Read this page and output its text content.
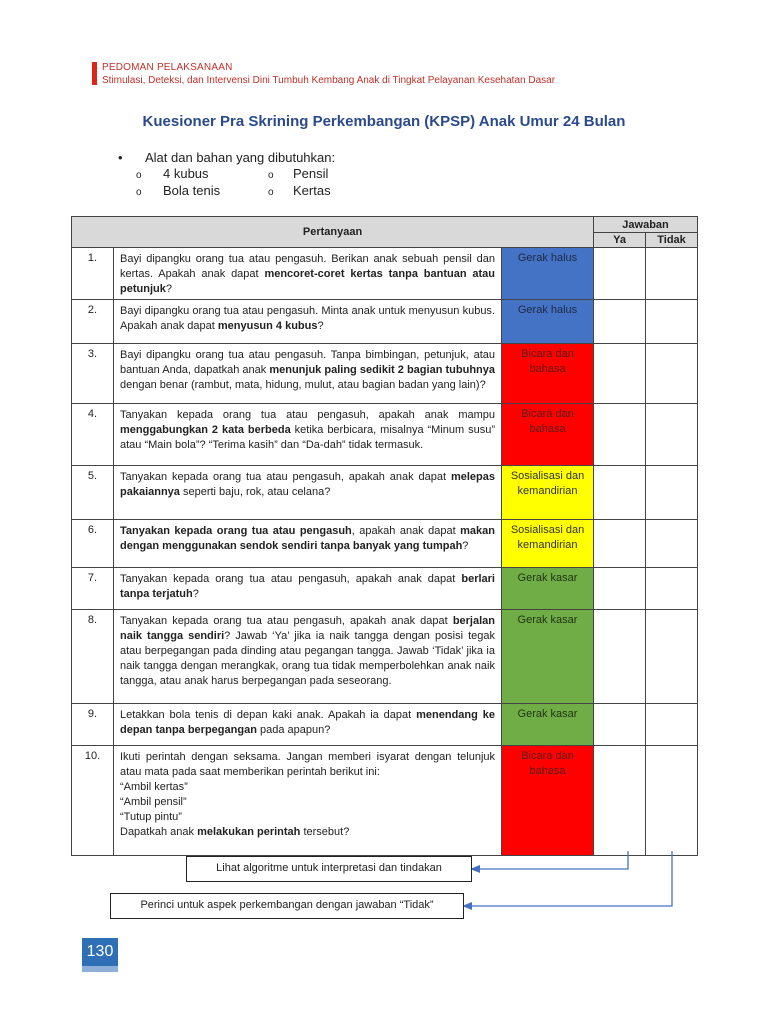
PEDOMAN PELAKSANAAN
Stimulasi, Deteksi, dan Intervensi Dini Tumbuh Kembang Anak di Tingkat Pelayanan Kesehatan Dasar
Kuesioner Pra Skrining Perkembangan (KPSP) Anak Umur 24 Bulan
• Alat dan bahan yang dibutuhkan:
o 4 kubus	o Pensil
o Bola tenis	o Kertas
Pertanyaan			Jawaban	
			Ya	Tidak
1.	Bayi dipangku orang tua atau pengasuh. Berikan anak sebuah pensil dan kertas. Apakah anak dapat mencoret-coret kertas tanpa bantuan atau petunjuk?	Gerak halus		
2.	Bayi dipangku orang tua atau pengasuh. Minta anak untuk menyusun kubus. Apakah anak dapat menyusun 4 kubus?	Gerak halus		
3.	Bayi dipangku orang tua atau pengasuh. Tanpa bimbingan, petunjuk, atau bantuan Anda, dapatkah anak menunjuk paling sedikit 2 bagian tubuhnya dengan benar (rambut, mata, hidung, mulut, atau bagian badan yang lain)?	Bicara dan bahasa		
4.	Tanyakan kepada orang tua atau pengasuh, apakah anak mampu menggabungkan 2 kata berbeda ketika berbicara, misalnya “Minum susu” atau “Main bola”? “Terima kasih” dan “Da-dah” tidak termasuk.	Bicara dan bahasa		
5.	Tanyakan kepada orang tua atau pengasuh, apakah anak dapat melepas pakaiannya seperti baju, rok, atau celana?	Sosialisasi dan kemandirian		
6.	Tanyakan kepada orang tua atau pengasuh, apakah anak dapat makan dengan menggunakan sendok sendiri tanpa banyak yang tumpah?	Sosialisasi dan kemandirian		
7.	Tanyakan kepada orang tua atau pengasuh, apakah anak dapat berlari tanpa terjatuh?	Gerak kasar		
8.	Tanyakan kepada orang tua atau pengasuh, apakah anak dapat berjalan naik tangga sendiri? Jawab ‘Ya’ jika ia naik tangga dengan posisi tegak atau berpegangan pada dinding atau pegangan tangga. Jawab ‘Tidak’ jika ia naik tangga dengan merangkak, orang tua tidak memperbolehkan anak naik tangga, atau anak harus berpegangan pada seseorang.	Gerak kasar		
9.	Letakkan bola tenis di depan kaki anak. Apakah ia dapat menendang ke depan tanpa berpegangan pada apapun?	Gerak kasar		
10.	Ikuti perintah dengan seksama. Jangan memberi isyarat dengan telunjuk atau mata pada saat memberikan perintah berikut ini:
“Ambil kertas”
“Ambil pensil”
“Tutup pintu”
Dapatkah anak melakukan perintah tersebut?	Bicara dan bahasa		
Lihat algoritme untuk interpretasi dan tindakan
Perinci untuk aspek perkembangan dengan jawaban “Tidak”
130
